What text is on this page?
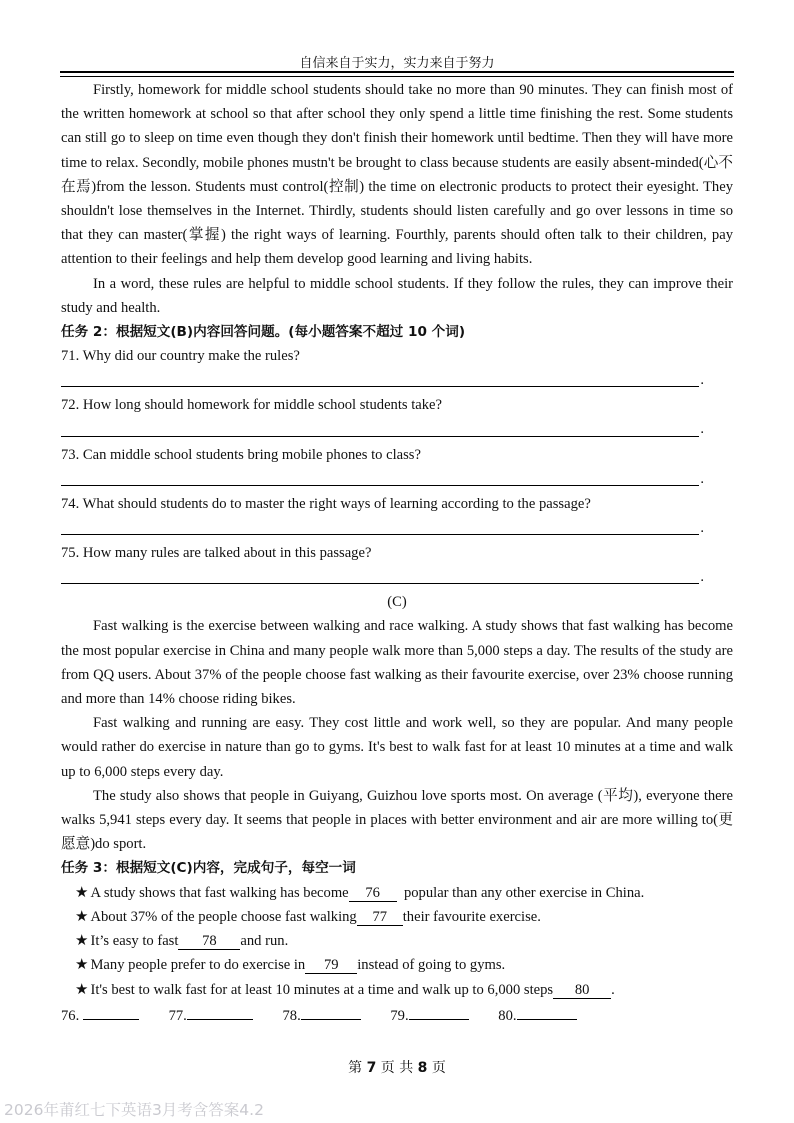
自信来自于实力，实力来自于努力

Firstly, homework for middle school students should take no more than 90 minutes. They can finish most of the written homework at school so that after school they only spend a little time finishing the rest. Some students can still go to sleep on time even though they don't finish their homework until bedtime. Then they will have more time to relax. Secondly, mobile phones mustn't be brought to class because students are easily absent-minded(心不在焉)from the lesson. Students must control(控制) the time on electronic products to protect their eyesight. They shouldn't lose themselves in the Internet. Thirdly, students should listen carefully and go over lessons in time so that they can master(掌握) the right ways of learning. Fourthly, parents should often talk to their children, pay attention to their feelings and help them develop good learning and living habits.

In a word, these rules are helpful to middle school students. If they follow the rules, they can improve their study and health.

任务 2：根据短文(B)内容回答问题。(每小题答案不超过 10 个词)

71. Why did our country make the rules?

.

72. How long should homework for middle school students take?

.

73. Can middle school students bring mobile phones to class?

.

74. What should students do to master the right ways of learning according to the passage?

.

75. How many rules are talked about in this passage?

.

(C)

Fast walking is the exercise between walking and race walking. A study shows that fast walking has become the most popular exercise in China and many people walk more than 5,000 steps a day. The results of the study are from QQ users. About 37% of the people choose fast walking as their favourite exercise, over 23% choose running and more than 14% choose riding bikes.

Fast walking and running are easy. They cost little and work well, so they are popular. And many people would rather do exercise in nature than go to gyms. It's best to walk fast for at least 10 minutes at a time and walk up to 6,000 steps every day.

The study also shows that people in Guiyang, Guizhou love sports most. On average (平均), everyone there walks 5,941 steps every day. It seems that people in places with better environment and air are more willing to(更愿意)do sport.

任务 3：根据短文(C)内容，完成句子，每空一词

★ A study shows that fast walking has become 76 popular than any other exercise in China.

★ About 37% of the people choose fast walking 77 their favourite exercise.

★ It’s easy to fast 78 and run.

★ Many people prefer to do exercise in 79 instead of going to gyms.

★ It's best to walk fast for at least 10 minutes at a time and walk up to 6,000 steps 80 .

76.	77.	78.	79.	80.

第 7 页 共 8 页
2026年莆红七下英语3月考含答案4.2
